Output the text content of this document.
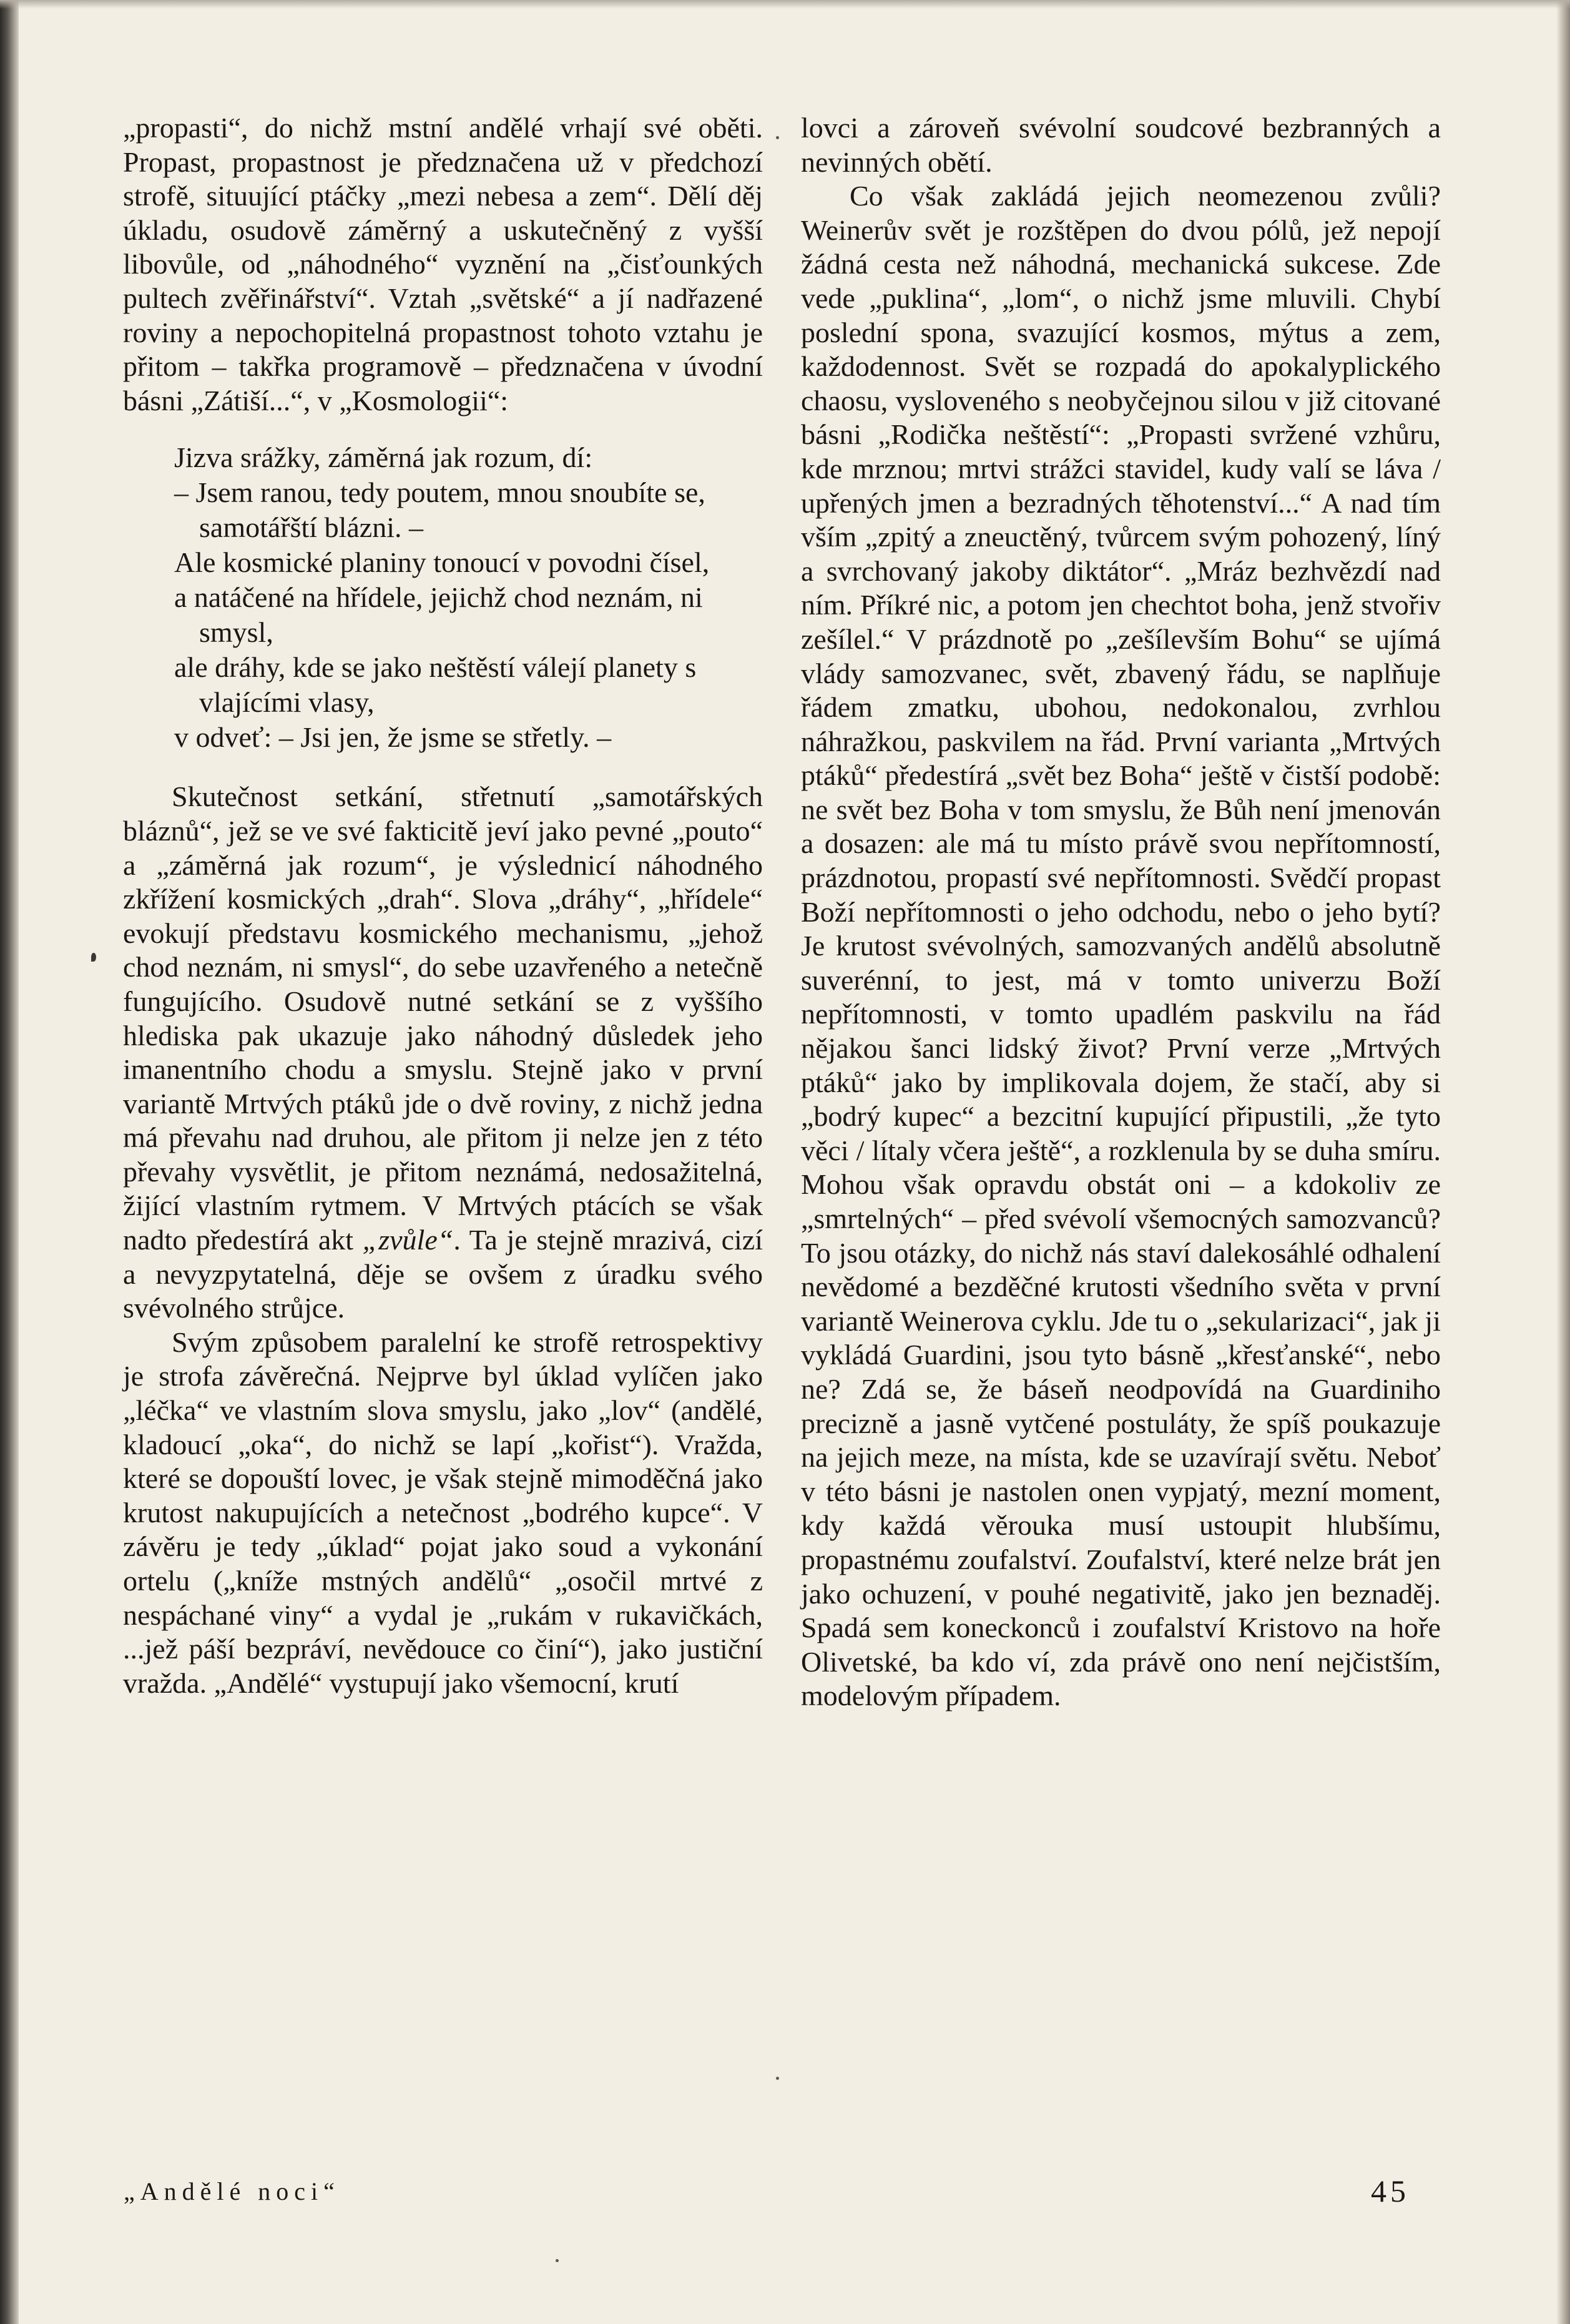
„propasti“, do nichž mstní andělé vrhají své oběti. Propast, propastnost je předznačena už v předchozí strofě, situující ptáčky „mezi nebesa a zem“. Dělí děj úkladu, osudově záměrný a uskutečněný z vyšší libovůle, od „náhodného“ vyznění na „čisťounkých pultech zvěřinářství“. Vztah „světské“ a jí nadřazené roviny a nepochopitelná propastnost tohoto vztahu je přitom – takřka programově – předznačena v úvodní básni „Zátiší...“, v „Kosmologii“:

Jizva srážky, záměrná jak rozum, dí:
– Jsem ranou, tedy poutem, mnou snoubíte se, samotářští blázni. –
Ale kosmické planiny tonoucí v povodni čísel,
a natáčené na hřídele, jejichž chod neznám, ni smysl,
ale dráhy, kde se jako neštěstí válejí planety s vlajícími vlasy,
v odveť: – Jsi jen, že jsme se střetly. –

Skutečnost setkání, střetnutí „samotářských bláznů“, jež se ve své fakticitě jeví jako pevné „pouto“ a „záměrná jak rozum“, je výslednicí náhodného zkřížení kosmických „drah“. Slova „dráhy“, „hřídele“ evokují představu kosmického mechanismu, „jehož chod neznám, ni smysl“, do sebe uzavřeného a netečně fungujícího. Osudově nutné setkání se z vyššího hlediska pak ukazuje jako náhodný důsledek jeho imanentního chodu a smyslu. Stejně jako v první variantě Mrtvých ptáků jde o dvě roviny, z nichž jedna má převahu nad druhou, ale přitom ji nelze jen z této převahy vysvětlit, je přitom neznámá, nedosažitelná, žijící vlastním rytmem. V Mrtvých ptácích se však nadto předestírá akt „zvůle“. Ta je stejně mrazivá, cizí a nevyzpytatelná, děje se ovšem z úradku svého svévolného strůjce.

Svým způsobem paralelní ke strofě retrospektivy je strofa závěrečná. Nejprve byl úklad vylíčen jako „léčka“ ve vlastním slova smyslu, jako „lov“ (andělé, kladoucí „oka“, do nichž se lapí „kořist“). Vražda, které se dopouští lovec, je však stejně mimoděčná jako krutost nakupujících a netečnost „bodrého kupce“. V závěru je tedy „úklad“ pojat jako soud a vykonání ortelu („kníže mstných andělů“ „osočil mrtvé z nespáchané viny“ a vydal je „rukám v rukavičkách, ...jež páší bezpráví, nevědouce co činí“), jako justiční vražda. „Andělé“ vystupují jako všemocní, krutí

lovci a zároveň svévolní soudcové bezbranných a nevinných obětí.

Co však zakládá jejich neomezenou zvůli? Weinerův svět je rozštěpen do dvou pólů, jež nepojí žádná cesta než náhodná, mechanická sukcese. Zde vede „puklina“, „lom“, o nichž jsme mluvili. Chybí poslední spona, svazující kosmos, mýtus a zem, každodennost. Svět se rozpadá do apokalyplického chaosu, vysloveného s neobyčejnou silou v již citované básni „Rodička neštěstí“: „Propasti svržené vzhůru, kde mrznou; mrtvi strážci stavidel, kudy valí se láva / upřených jmen a bezradných těhotenství...“ A nad tím vším „zpitý a zneuctěný, tvůrcem svým pohozený, líný a svrchovaný jakoby diktátor“. „Mráz bezhvězdí nad ním. Příkré nic, a potom jen chechtot boha, jenž stvořiv zešílel.“ V prázdnotě po „zešílevším Bohu“ se ujímá vlády samozvanec, svět, zbavený řádu, se naplňuje řádem zmatku, ubohou, nedokonalou, zvrhlou náhražkou, paskvilem na řád. První varianta „Mrtvých ptáků“ předestírá „svět bez Boha“ ještě v čistší podobě: ne svět bez Boha v tom smyslu, že Bůh není jmenován a dosazen: ale má tu místo právě svou nepřítomností, prázdnotou, propastí své nepřítomnosti. Svědčí propast Boží nepřítomnosti o jeho odchodu, nebo o jeho bytí? Je krutost svévolných, samozvaných andělů absolutně suverénní, to jest, má v tomto univerzu Boží nepřítomnosti, v tomto upadlém paskvilu na řád nějakou šanci lidský život? První verze „Mrtvých ptáků“ jako by implikovala dojem, že stačí, aby si „bodrý kupec“ a bezcitní kupující připustili, „že tyto věci / lítaly včera ještě“, a rozklenula by se duha smíru. Mohou však opravdu obstát oni – a kdokoliv ze „smrtelných“ – před svévolí všemocných samozvanců? To jsou otázky, do nichž nás staví dalekosáhlé odhalení nevědomé a bezděčné krutosti všedního světa v první variantě Weinerova cyklu. Jde tu o „sekularizaci“, jak ji vykládá Guardini, jsou tyto básně „křesťanské“, nebo ne? Zdá se, že báseň neodpovídá na Guardiniho precizně a jasně vytčené postuláty, že spíš poukazuje na jejich meze, na místa, kde se uzavírají světu. Neboť v této básni je nastolen onen vypjatý, mezní moment, kdy každá věrouka musí ustoupit hlubšímu, propastnému zoufalství. Zoufalství, které nelze brát jen jako ochuzení, v pouhé negativitě, jako jen beznaděj. Spadá sem koneckonců i zoufalství Kristovo na hoře Olivetské, ba kdo ví, zda právě ono není nejčistším, modelovým případem.

„Andělé noci“	45
